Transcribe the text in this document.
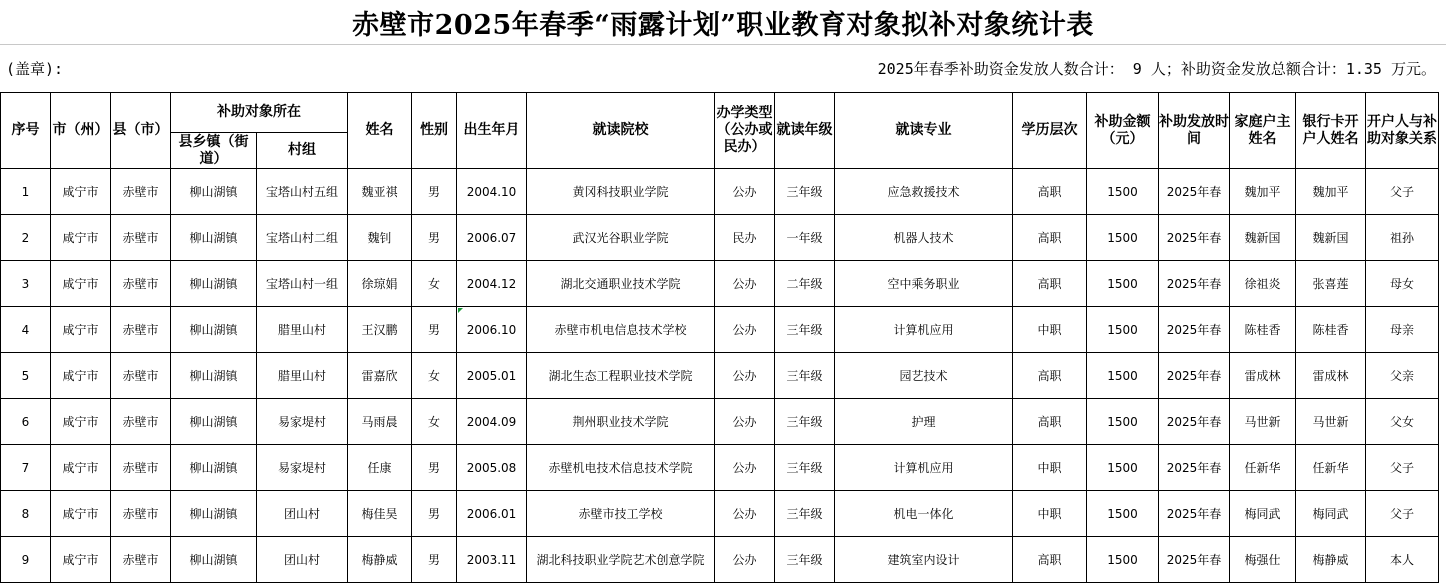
赤壁市2025年春季“雨露计划”职业教育对象拟补对象统计表
(盖章):	2025年春季补助资金发放人数合计： 9 人；补助资金发放总额合计：1.35 万元。
序号	市（州）	县（市）	补助对象所在		姓名	性别	出生年月	就读院校	办学类型（公办或民办）	就读年级	就读专业	学历层次	补助金额（元）	补助发放时间	家庭户主姓名	银行卡开户人姓名	开户人与补助对象关系
			县乡镇（街道）	村组													
1	咸宁市	赤壁市	柳山湖镇	宝塔山村五组	魏亚祺	男	2004.10	黄冈科技职业学院	公办	三年级	应急救援技术	高职	1500	2025年春	魏加平	魏加平	父子
2	咸宁市	赤壁市	柳山湖镇	宝塔山村二组	魏钊	男	2006.07	武汉光谷职业学院	民办	一年级	机器人技术	高职	1500	2025年春	魏新国	魏新国	祖孙
3	咸宁市	赤壁市	柳山湖镇	宝塔山村一组	徐琼娟	女	2004.12	湖北交通职业技术学院	公办	二年级	空中乘务职业	高职	1500	2025年春	徐祖炎	张喜莲	母女
4	咸宁市	赤壁市	柳山湖镇	腊里山村	王汉鹏	男	2006.10	赤壁市机电信息技术学校	公办	三年级	计算机应用	中职	1500	2025年春	陈桂香	陈桂香	母亲
5	咸宁市	赤壁市	柳山湖镇	腊里山村	雷嘉欣	女	2005.01	湖北生态工程职业技术学院	公办	三年级	园艺技术	高职	1500	2025年春	雷成林	雷成林	父亲
6	咸宁市	赤壁市	柳山湖镇	易家堤村	马雨晨	女	2004.09	荆州职业技术学院	公办	三年级	护理	高职	1500	2025年春	马世新	马世新	父女
7	咸宁市	赤壁市	柳山湖镇	易家堤村	任康	男	2005.08	赤壁机电技术信息技术学院	公办	三年级	计算机应用	中职	1500	2025年春	任新华	任新华	父子
8	咸宁市	赤壁市	柳山湖镇	团山村	梅佳昊	男	2006.01	赤壁市技工学校	公办	三年级	机电一体化	中职	1500	2025年春	梅同武	梅同武	父子
9	咸宁市	赤壁市	柳山湖镇	团山村	梅静威	男	2003.11	湖北科技职业学院艺术创意学院	公办	三年级	建筑室内设计	高职	1500	2025年春	梅强仕	梅静威	本人
